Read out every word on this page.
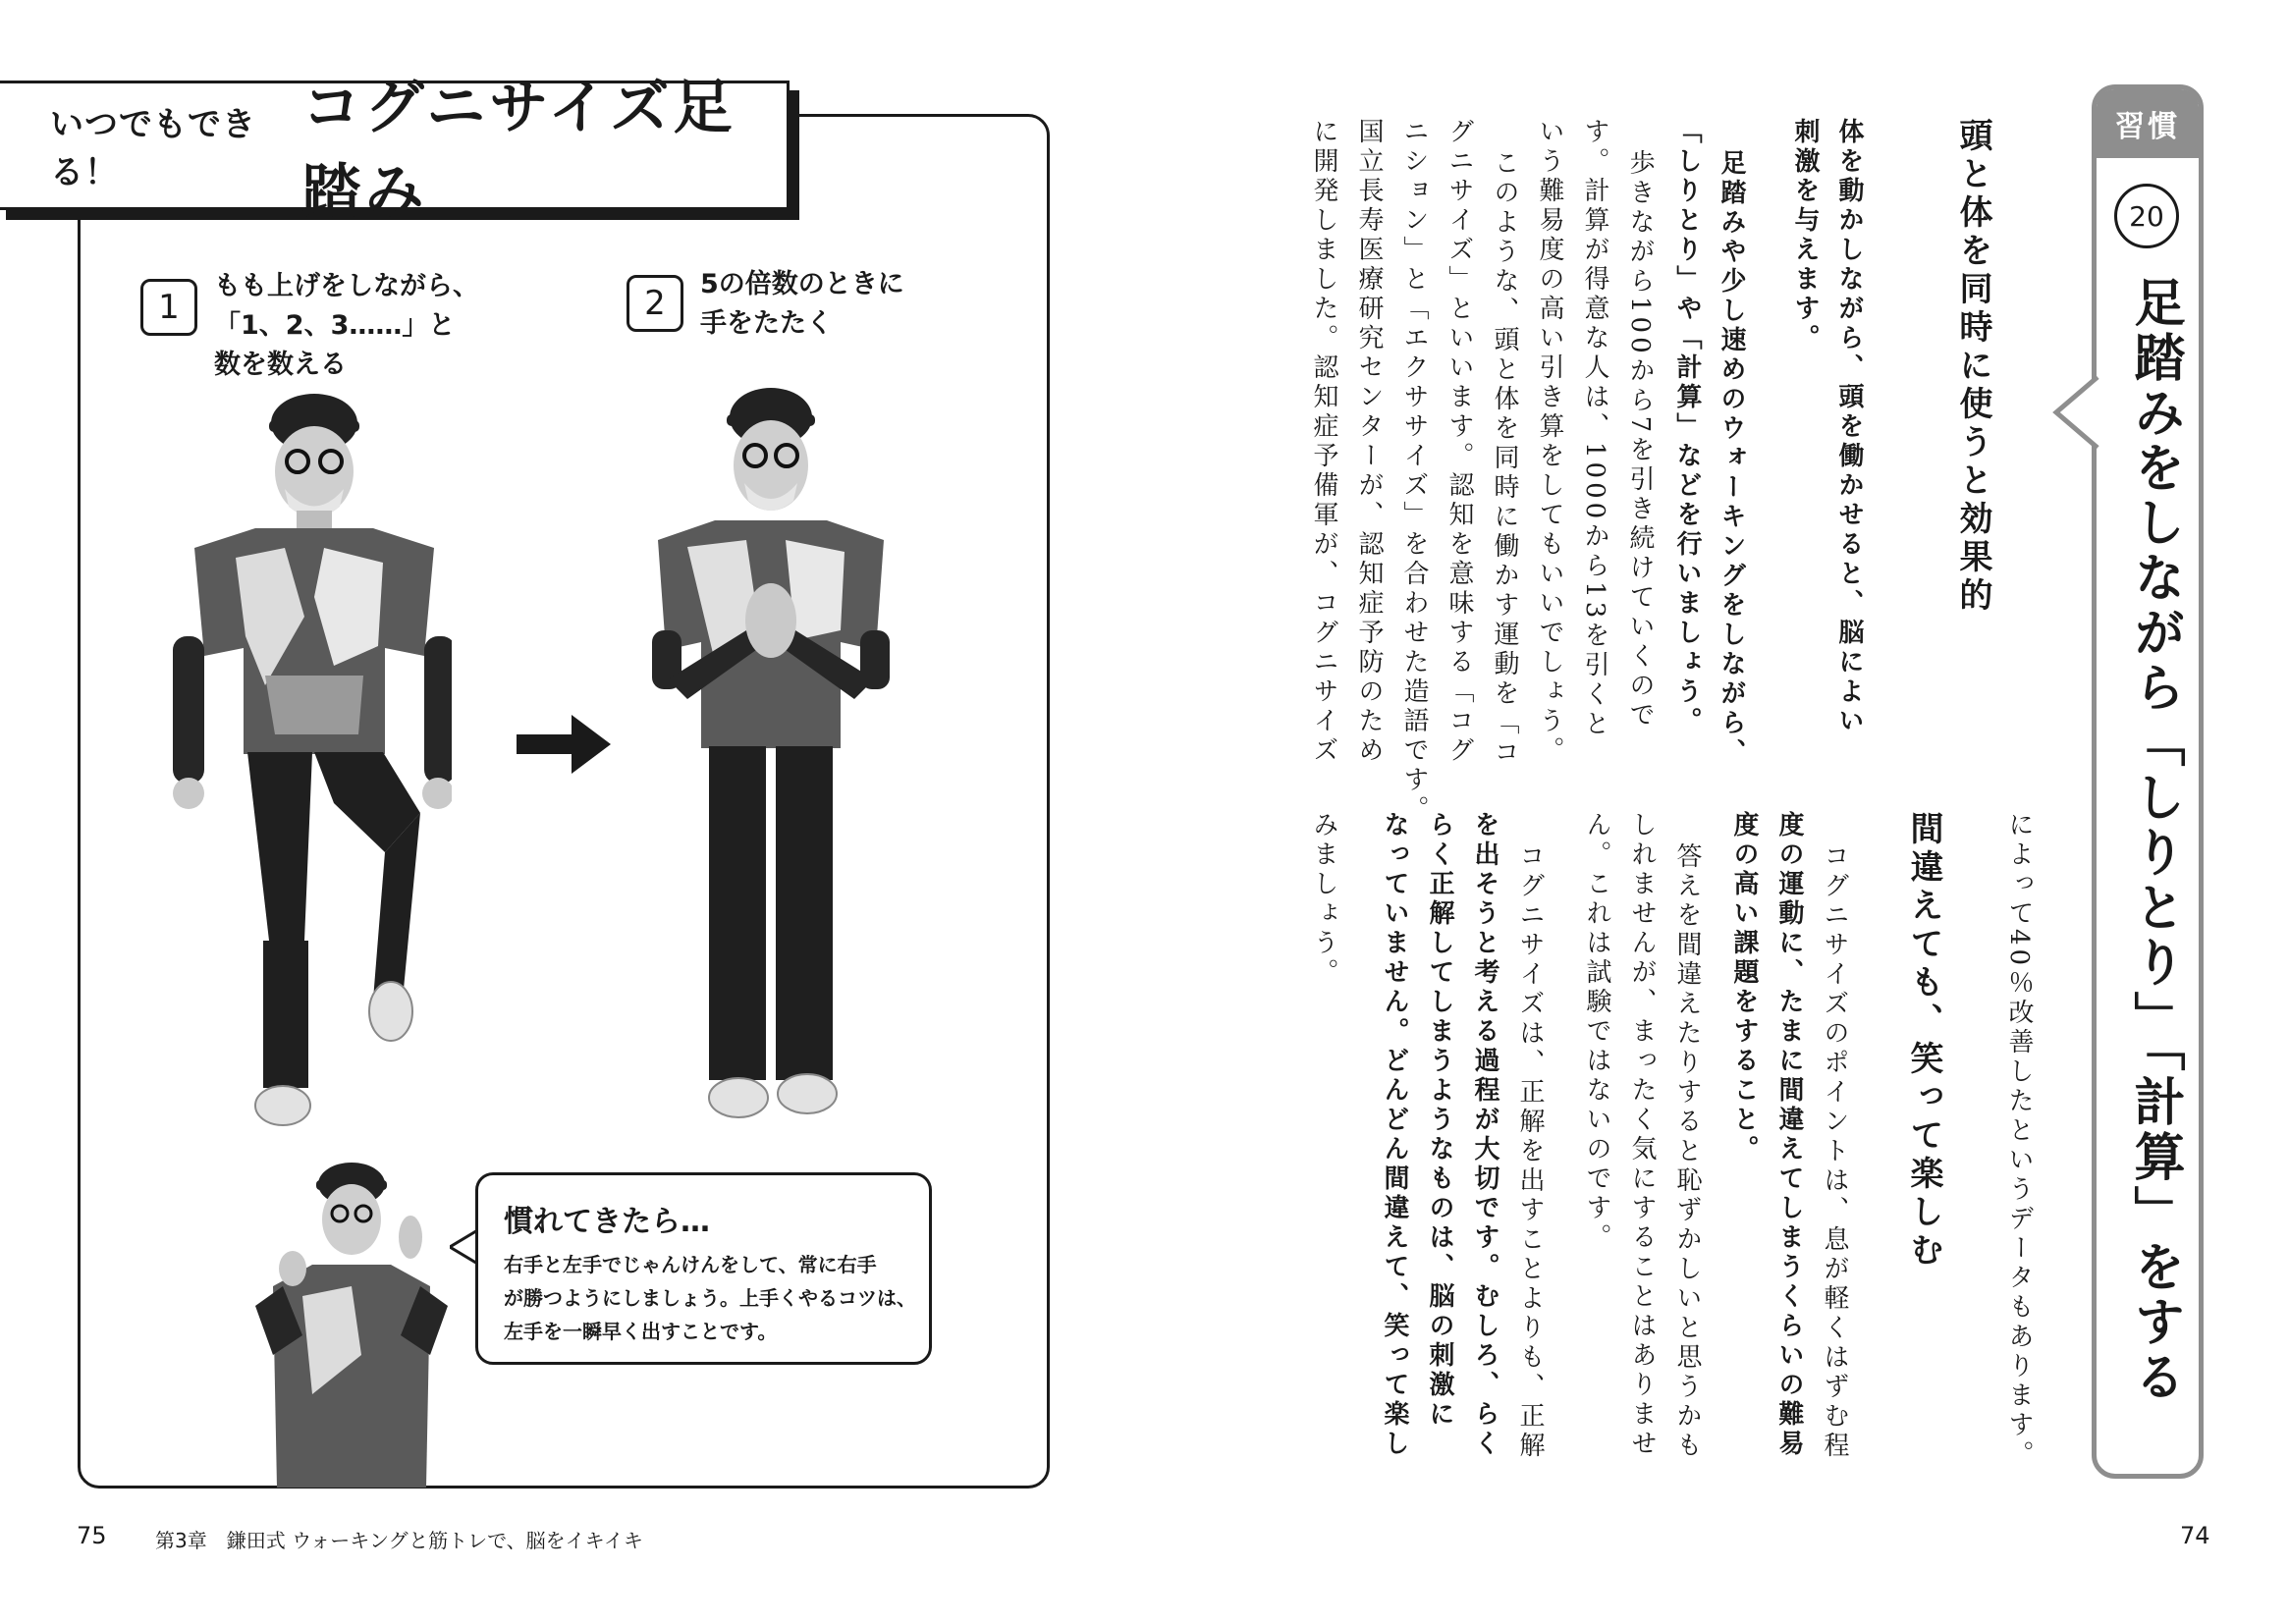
いつでもできる！
コグニサイズ足踏み
1
もも上げをしながら、
「1、2、3……」と
数を数える
2	5の倍数のときに
手をたたく
慣れてきたら…
右手と左手でじゃんけんをして、常に右手
が勝つようにしましょう。上手くやるコツは、
左手を一瞬早く出すことです。
75 第3章　鎌田式 ウォーキングと筋トレで、脳をイキイキ
習慣
20
足踏みをしながら「しりとり」「計算」をする
頭と体を同時に使うと効果的
体を動かしながら、頭を働かせると、脳によい
刺激を与えます。
足踏みや少し速めのウォーキングをしながら、
「しりとり」や「計算」などを行いましょう。
歩きながら100から7を引き続けていくので
す。計算が得意な人は、1000から13を引くと
いう難易度の高い引き算をしてもいいでしょう。
このような、頭と体を同時に働かす運動を「コ
グニサイズ」といいます。認知を意味する「コグ
ニション」と「エクササイズ」を合わせた造語です。
国立長寿医療研究センターが、認知症予防のため
に開発しました。認知症予備軍が、コグニサイズ
によって40％改善したというデータもあります。
間違えても、笑って楽しむ
コグニサイズのポイントは、息が軽くはずむ程
度の運動に、たまに間違えてしまうくらいの難易
度の高い課題をすること。
答えを間違えたりすると恥ずかしいと思うかも
しれませんが、まったく気にすることはありませ
ん。これは試験ではないのです。
コグニサイズは、正解を出すことよりも、正解
を出そうと考える過程が大切です。むしろ、らく
らく正解してしまうようなものは、脳の刺激に
なっていません。どんどん間違えて、笑って楽し
みましょう。
74
